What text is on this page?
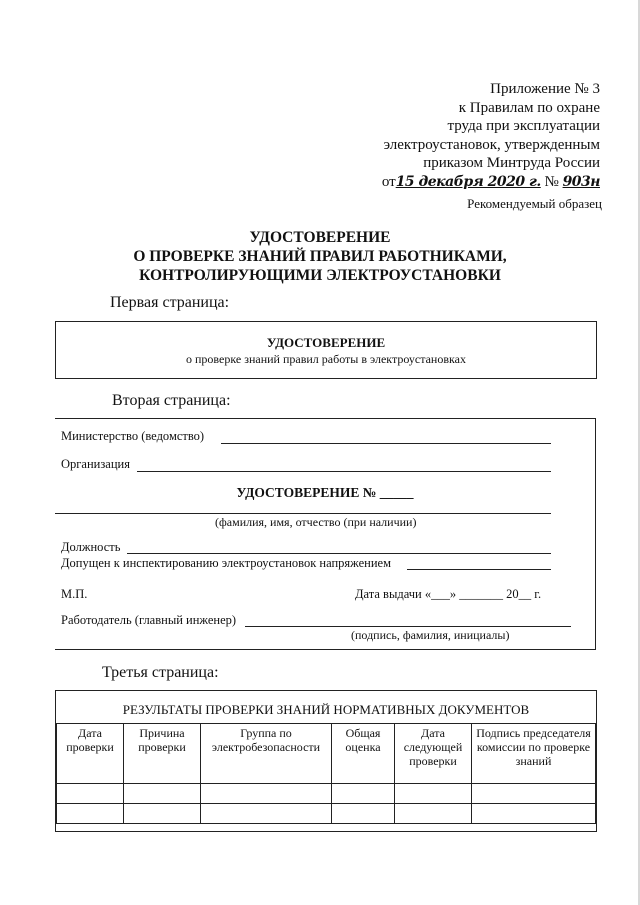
Приложение № 3
к Правилам по охране
труда при эксплуатации
электроустановок, утвержденным
приказом Минтруда России
от15 декабря 2020 г. № 903н
Рекомендуемый образец
УДОСТОВЕРЕНИЕ
О ПРОВЕРКЕ ЗНАНИЙ ПРАВИЛ РАБОТНИКАМИ,
КОНТРОЛИРУЮЩИМИ ЭЛЕКТРОУСТАНОВКИ
Первая страница:
УДОСТОВЕРЕНИЕ
о проверке знаний правил работы в электроустановках
Вторая страница:
Министерство (ведомство)
Организация
УДОСТОВЕРЕНИЕ № _____
(фамилия, имя, отчество (при наличии)
Должность
Допущен к инспектированию электроустановок напряжением
М.П.	Дата выдачи «___» _______ 20__ г.
Работодатель (главный инженер)
(подпись, фамилия, инициалы)
Третья страница:
РЕЗУЛЬТАТЫ ПРОВЕРКИ ЗНАНИЙ НОРМАТИВНЫХ ДОКУМЕНТОВ					
Дата проверки	Причина проверки	Группа по электробезопасности	Общая оценка	Дата следующей проверки	Подпись председателя комиссии по проверке знаний
